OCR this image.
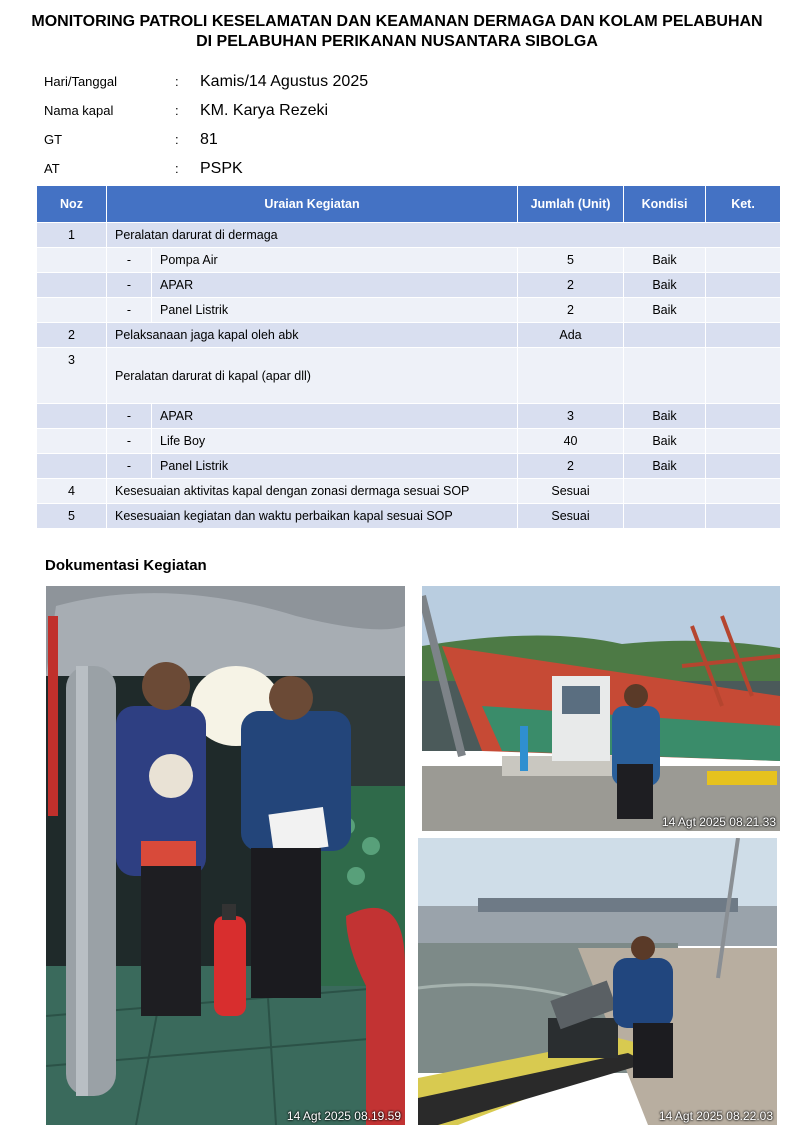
MONITORING PATROLI KESELAMATAN DAN KEAMANAN DERMAGA DAN KOLAM PELABUHAN
DI PELABUHAN PERIKANAN NUSANTARA SIBOLGA
Hari/Tanggal	:	Kamis/14 Agustus 2025
Nama kapal	:	KM. Karya Rezeki
GT	:	81
AT	:	PSPK
Noz	Uraian Kegiatan		Jumlah (Unit)	Kondisi	Ket.
1	Peralatan darurat di dermaga				
	-	Pompa Air	5	Baik	
	-	APAR	2	Baik	
	-	Panel Listrik	2	Baik	
2	Pelaksanaan jaga kapal oleh abk		Ada		
3	Peralatan darurat di kapal (apar dll)				
	-	APAR	3	Baik	
	-	Life Boy	40	Baik	
	-	Panel Listrik	2	Baik	
4	Kesesuaian aktivitas kapal dengan zonasi dermaga sesuai SOP		Sesuai		
5	Kesesuaian kegiatan dan waktu perbaikan kapal sesuai SOP		Sesuai		
Dokumentasi Kegiatan
14 Agt 2025 08.19.59
14 Agt 2025 08.21.33
14 Agt 2025 08.22.03
